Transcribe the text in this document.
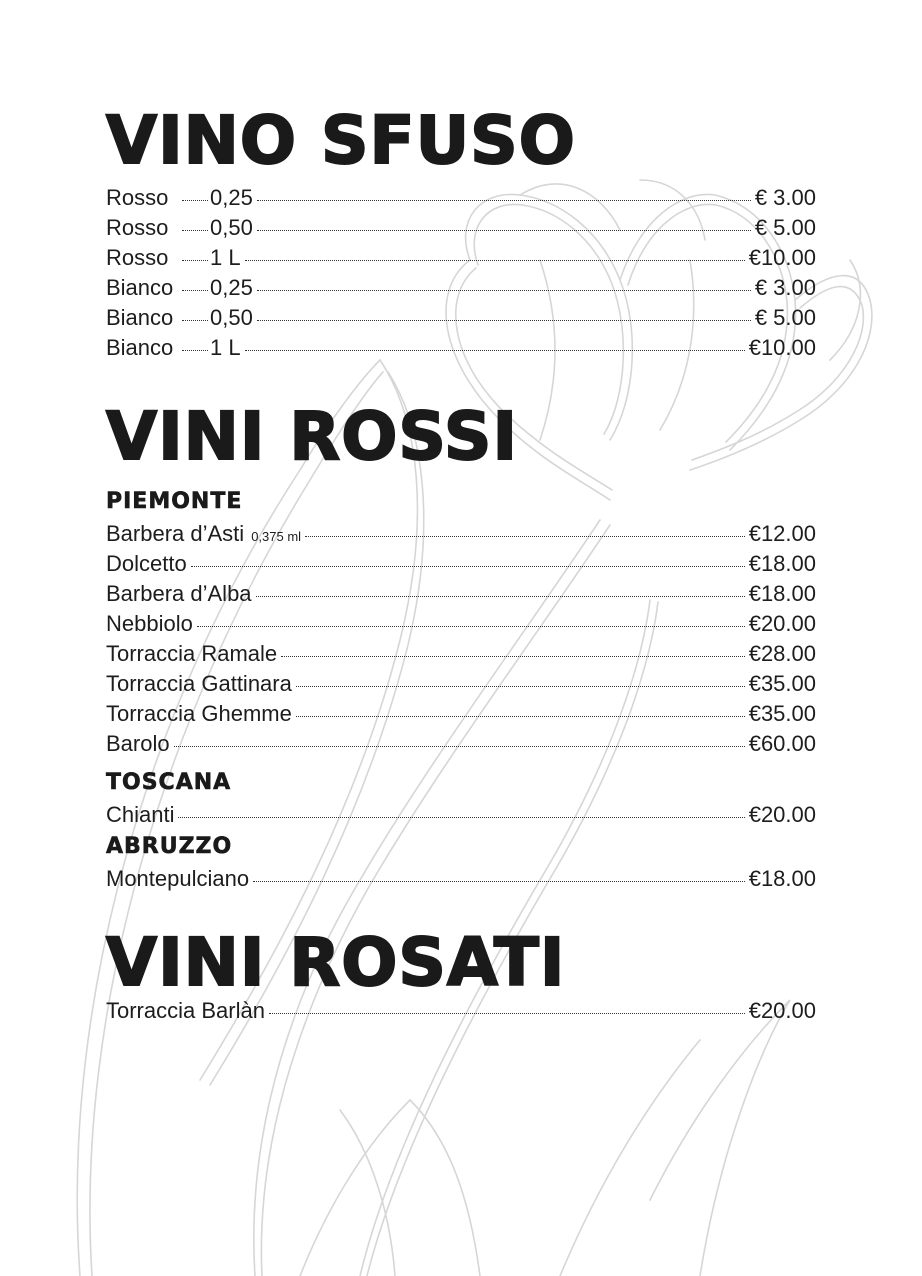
VINO SFUSO
Rosso	0,25	€ 3.00
Rosso	0,50	€ 5.00
Rosso	1 L	€10.00
Bianco	0,25	€ 3.00
Bianco	0,50	€ 5.00
Bianco	1 L	€10.00
VINI ROSSI
PIEMONTE
Barbera d’Asti 0,375 ml	€12.00
Dolcetto	€18.00
Barbera d’Alba	€18.00
Nebbiolo	€20.00
Torraccia Ramale	€28.00
Torraccia Gattinara	€35.00
Torraccia Ghemme	€35.00
Barolo	€60.00
TOSCANA
Chianti	€20.00
ABRUZZO
Montepulciano	€18.00
VINI ROSATI
Torraccia Barlàn	€20.00
